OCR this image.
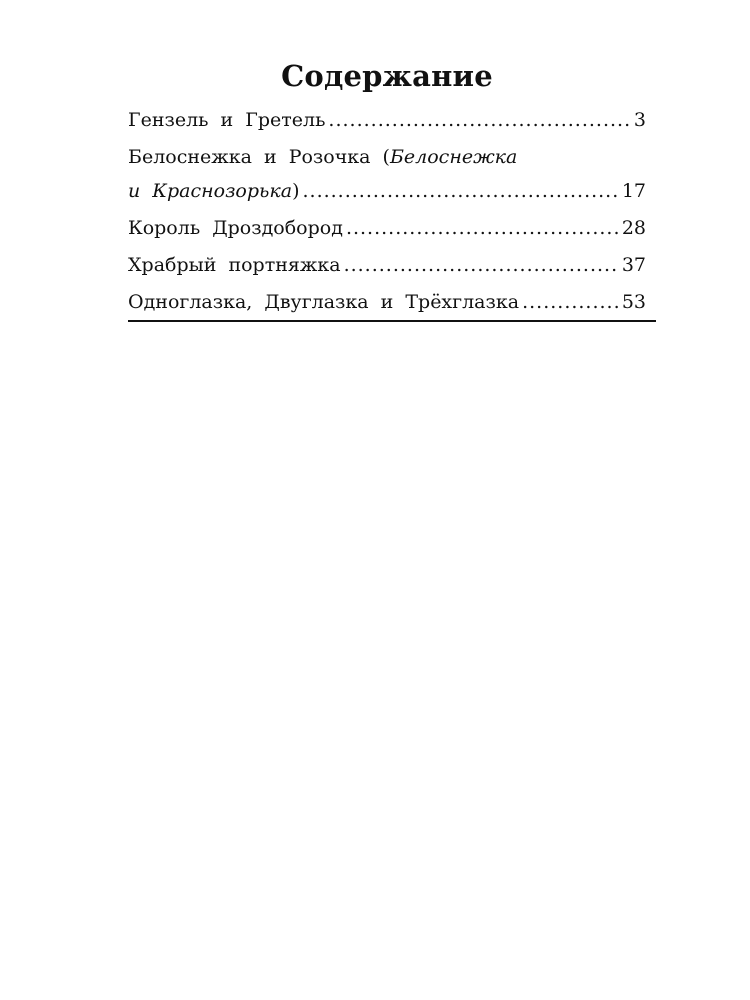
Содержание
Гензель и Гретель .....	3
Белоснежка и Розочка ( Белоснежка
и Краснозорька ) .....	17
Король Дроздобород .....	28
Храбрый портняжка .....	37
Одноглазка, Двуглазка и Трёхглазка .....	53
